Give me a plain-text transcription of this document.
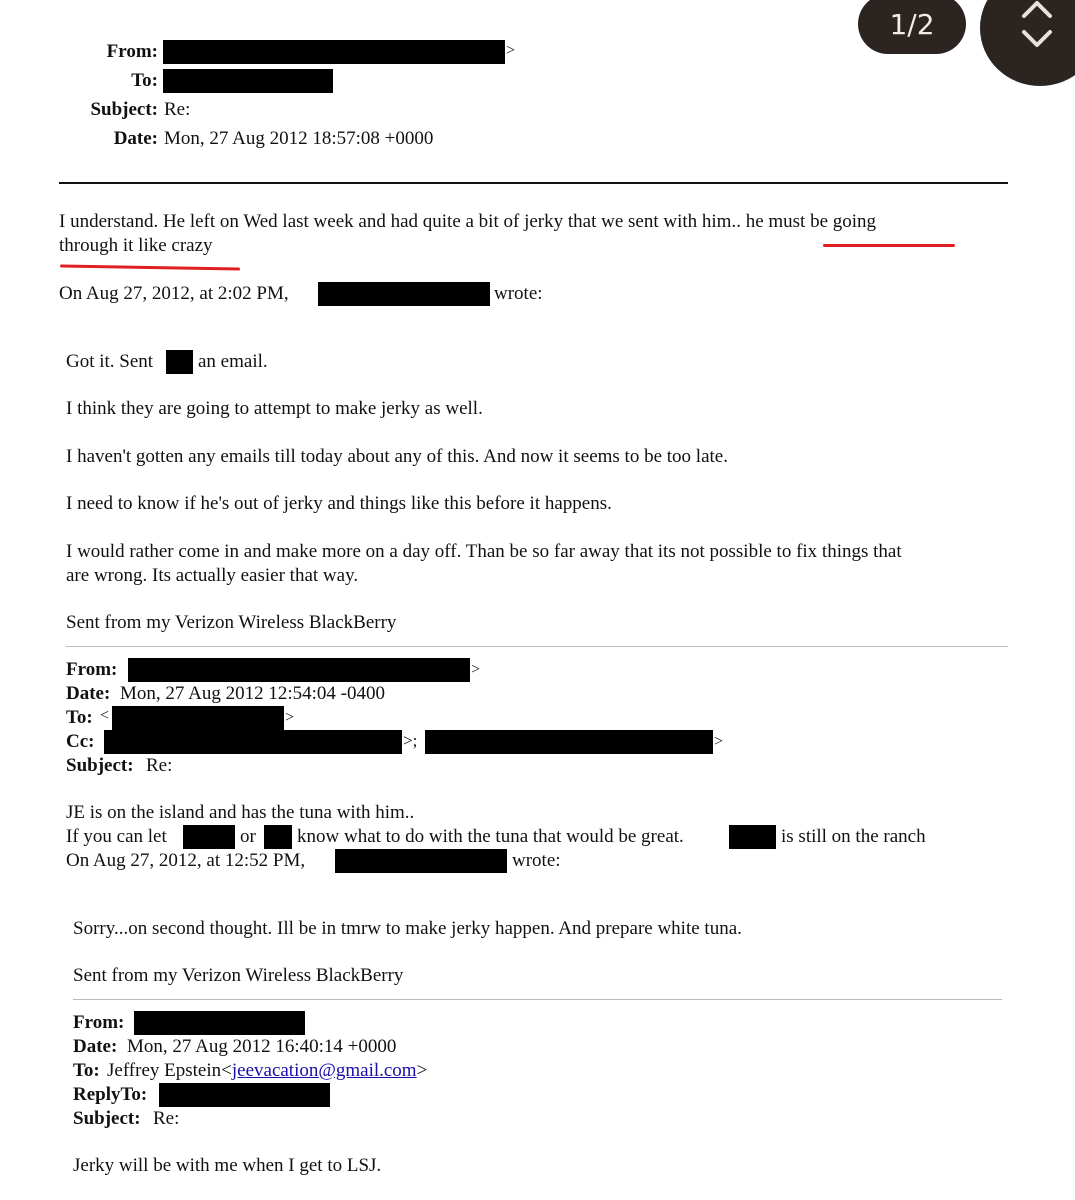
1/2
From:	>
To:
Subject: Re:
Date: Mon, 27 Aug 2012 18:57:08 +0000
I understand. He left on Wed last week and had quite a bit of jerky that we sent with him.. he must be going
through it like crazy
On Aug 27, 2012, at 2:02 PM,	wrote:
Got it. Sent an email.
I think they are going to attempt to make jerky as well.
I haven't gotten any emails till today about any of this. And now it seems to be too late.
I need to know if he's out of jerky and things like this before it happens.
I would rather come in and make more on a day off. Than be so far away that its not possible to fix things that
are wrong. Its actually easier that way.
Sent from my Verizon Wireless BlackBerry
From:	>
Date: Mon, 27 Aug 2012 12:54:04 -0400
To: <	>
Cc:	>;	>
Subject: Re:
JE is on the island and has the tuna with him..
If you can let	or know what to do with the tuna that would be great.	is still on the ranch
On Aug 27, 2012, at 12:52 PM,	wrote:
Sorry...on second thought. Ill be in tmrw to make jerky happen. And prepare white tuna.
Sent from my Verizon Wireless BlackBerry
From:
Date: Mon, 27 Aug 2012 16:40:14 +0000
To: Jeffrey Epstein<jeevacation@gmail.com>
ReplyTo:
Subject: Re:
Jerky will be with me when I get to LSJ.
